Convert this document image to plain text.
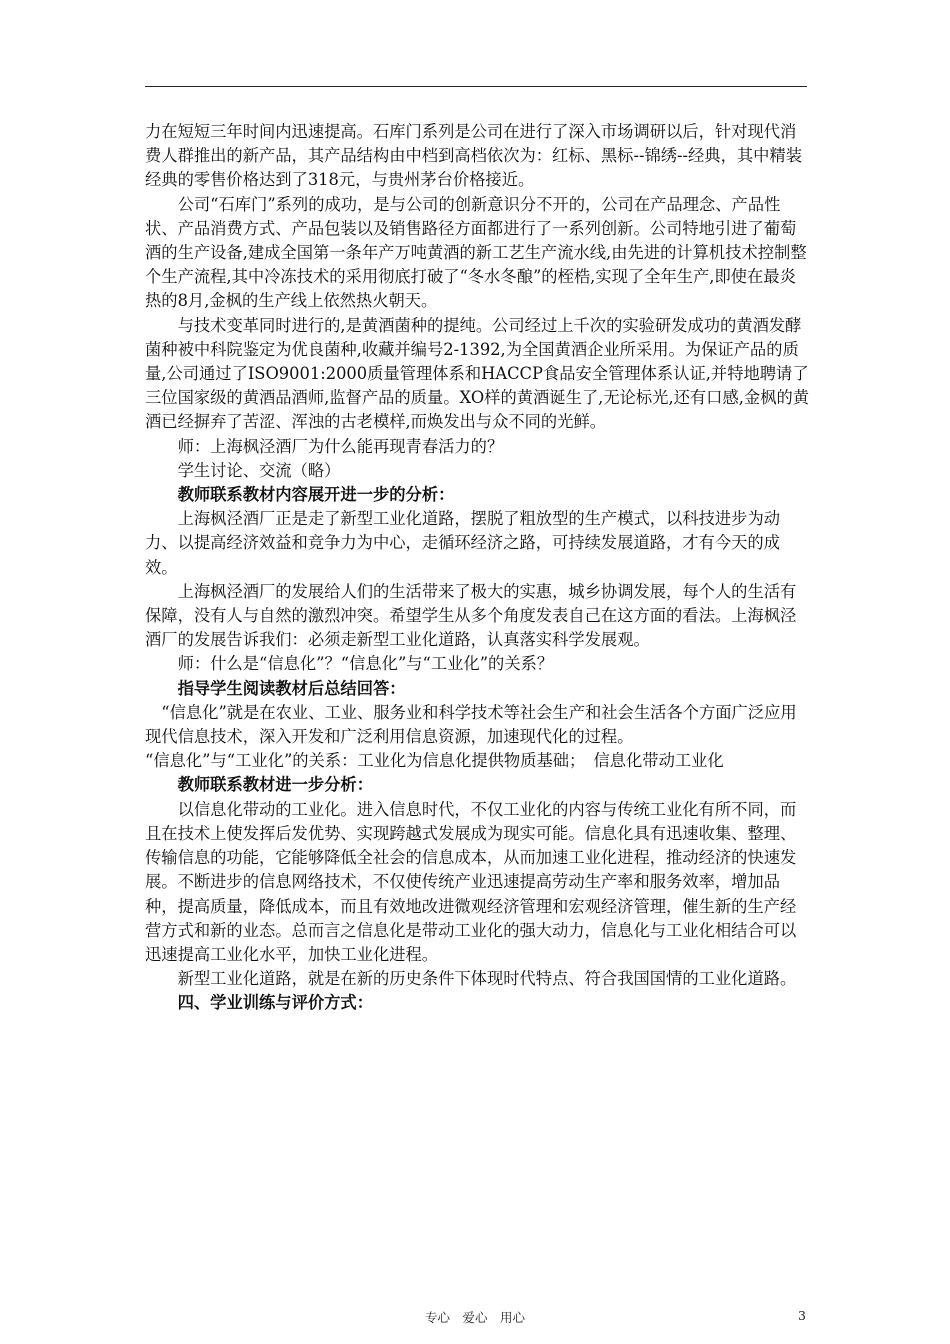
力在短短三年时间内迅速提高。石库门系列是公司在进行了深入市场调研以后，针对现代消费人群推出的新产品，其产品结构由中档到高档依次为：红标、黑标--锦绣--经典，其中精装经典的零售价格达到了318元，与贵州茅台价格接近。

公司“石库门”系列的成功，是与公司的创新意识分不开的，公司在产品理念、产品性状、产品消费方式、产品包装以及销售路径方面都进行了一系列创新。公司特地引进了葡萄酒的生产设备,建成全国第一条年产万吨黄酒的新工艺生产流水线,由先进的计算机技术控制整个生产流程,其中冷冻技术的采用彻底打破了“冬水冬酿”的桎梏,实现了全年生产,即使在最炎热的8月,金枫的生产线上依然热火朝天。

与技术变革同时进行的,是黄酒菌种的提纯。公司经过上千次的实验研发成功的黄酒发酵菌种被中科院鉴定为优良菌种,收藏并编号2-1392,为全国黄酒企业所采用。为保证产品的质量,公司通过了ISO9001:2000质量管理体系和HACCP食品安全管理体系认证,并特地聘请了三位国家级的黄酒品酒师,监督产品的质量。XO样的黄酒诞生了,无论标光,还有口感,金枫的黄酒已经摒弃了苦涩、浑浊的古老模样,而焕发出与众不同的光鲜。

师：上海枫泾酒厂为什么能再现青春活力的？

学生讨论、交流（略）

教师联系教材内容展开进一步的分析：

上海枫泾酒厂正是走了新型工业化道路，摆脱了粗放型的生产模式，以科技进步为动力、以提高经济效益和竞争力为中心，走循环经济之路，可持续发展道路，才有今天的成效。

上海枫泾酒厂的发展给人们的生活带来了极大的实惠，城乡协调发展，每个人的生活有保障，没有人与自然的激烈冲突。希望学生从多个角度发表自己在这方面的看法。上海枫泾酒厂的发展告诉我们：必须走新型工业化道路，认真落实科学发展观。

师：什么是“信息化”？“信息化”与“工业化”的关系？

指导学生阅读教材后总结回答：

“信息化”就是在农业、工业、服务业和科学技术等社会生产和社会生活各个方面广泛应用现代信息技术，深入开发和广泛利用信息资源，加速现代化的过程。

“信息化”与“工业化”的关系：工业化为信息化提供物质基础；　信息化带动工业化

教师联系教材进一步分析：

以信息化带动的工业化。进入信息时代，不仅工业化的内容与传统工业化有所不同，而且在技术上使发挥后发优势、实现跨越式发展成为现实可能。信息化具有迅速收集、整理、传输信息的功能，它能够降低全社会的信息成本，从而加速工业化进程，推动经济的快速发展。不断进步的信息网络技术，不仅使传统产业迅速提高劳动生产率和服务效率，增加品种，提高质量，降低成本，而且有效地改进微观经济管理和宏观经济管理，催生新的生产经营方式和新的业态。总而言之信息化是带动工业化的强大动力，信息化与工业化相结合可以迅速提高工业化水平，加快工业化进程。

新型工业化道路，就是在新的历史条件下体现时代特点、符合我国国情的工业化道路。

四、学业训练与评价方式：

专心　爱心　用心	3
